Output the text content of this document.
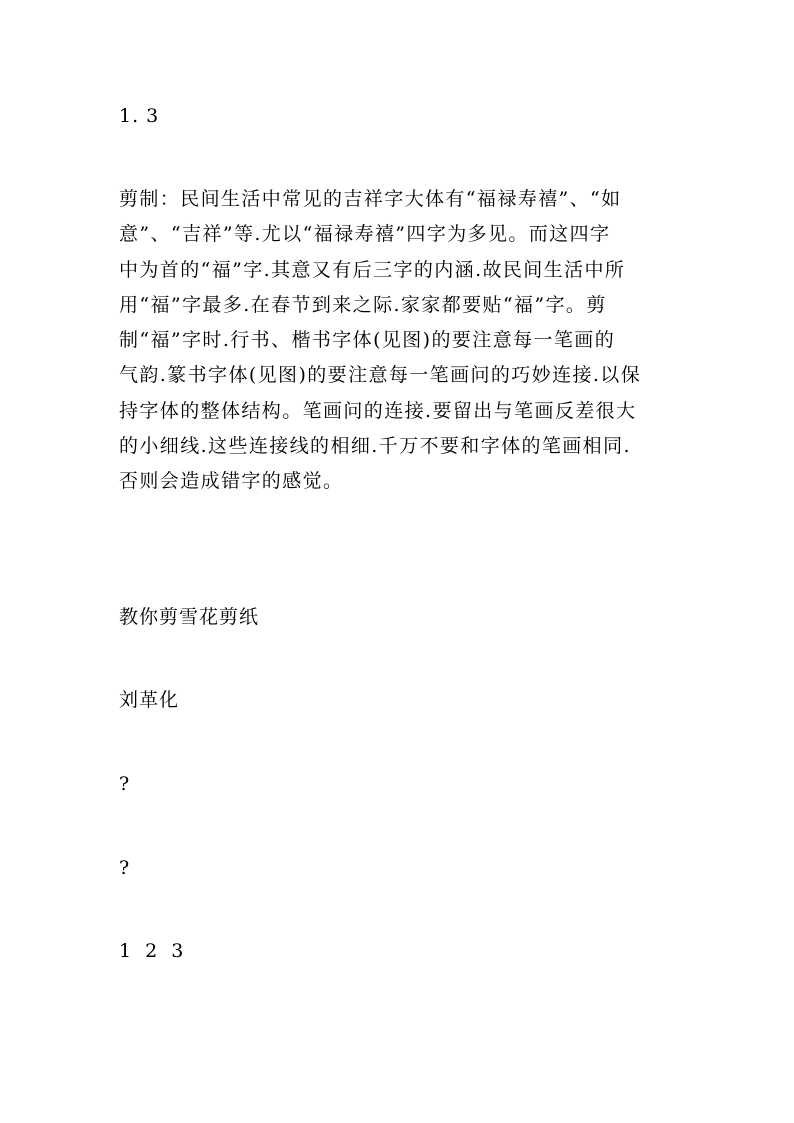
1. 3
剪制：民间生活中常见的吉祥字大体有“福禄寿禧”、“如
意”、“吉祥”等.尤以“福禄寿禧”四字为多见。而这四字
中为首的“福”字.其意又有后三字的内涵.故民间生活中所
用“福”字最多.在春节到来之际.家家都要贴“福”字。剪
制“福”字时.行书、楷书字体(见图)的要注意每一笔画的
气韵.篆书字体(见图)的要注意每一笔画问的巧妙连接.以保
持字体的整体结构。笔画问的连接.要留出与笔画反差很大
的小细线.这些连接线的相细.千万不要和字体的笔画相同.
否则会造成错字的感觉。
教你剪雪花剪纸
刘革化
?
?
1 2 3
